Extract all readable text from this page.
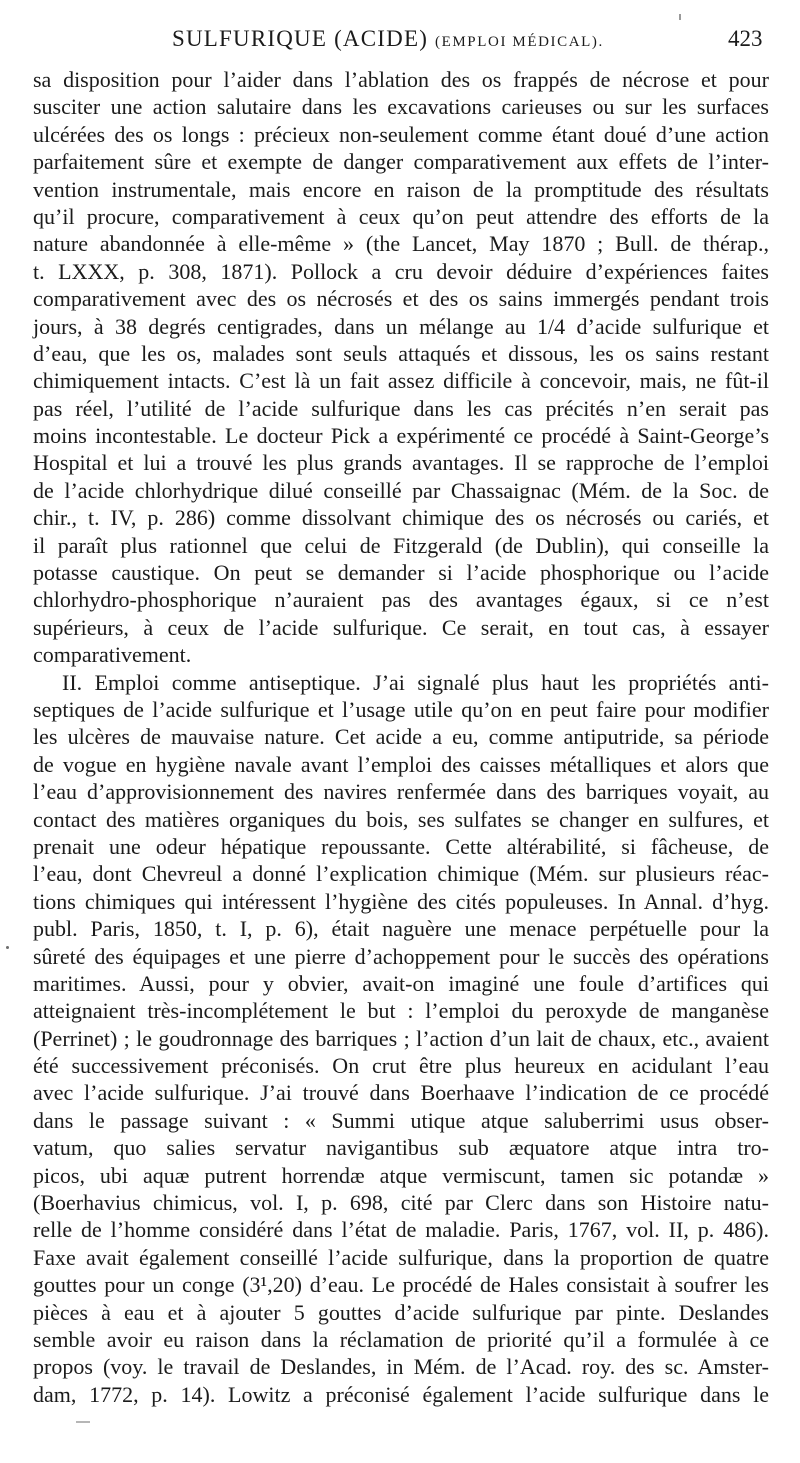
SULFURIQUE (ACIDE) (EMPLOI MÉDICAL).	423
sa disposition pour l’aider dans l’ablation des os frappés de nécrose et pour
susciter une action salutaire dans les excavations carieuses ou sur les surfaces
ulcérées des os longs : précieux non-seulement comme étant doué d’une action
parfaitement sûre et exempte de danger comparativement aux effets de l’inter-
vention instrumentale, mais encore en raison de la promptitude des résultats
qu’il procure, comparativement à ceux qu’on peut attendre des efforts de la
nature abandonnée à elle-même » (the Lancet, May 1870 ; Bull. de thérap.,
t. LXXX, p. 308, 1871). Pollock a cru devoir déduire d’expériences faites
comparativement avec des os nécrosés et des os sains immergés pendant trois
jours, à 38 degrés centigrades, dans un mélange au 1/4 d’acide sulfurique et
d’eau, que les os, malades sont seuls attaqués et dissous, les os sains restant
chimiquement intacts. C’est là un fait assez difficile à concevoir, mais, ne fût-il
pas réel, l’utilité de l’acide sulfurique dans les cas précités n’en serait pas
moins incontestable. Le docteur Pick a expérimenté ce procédé à Saint-George’s
Hospital et lui a trouvé les plus grands avantages. Il se rapproche de l’emploi
de l’acide chlorhydrique dilué conseillé par Chassaignac (Mém. de la Soc. de
chir., t. IV, p. 286) comme dissolvant chimique des os nécrosés ou cariés, et
il paraît plus rationnel que celui de Fitzgerald (de Dublin), qui conseille la
potasse caustique. On peut se demander si l’acide phosphorique ou l’acide
chlorhydro-phosphorique n’auraient pas des avantages égaux, si ce n’est
supérieurs, à ceux de l’acide sulfurique. Ce serait, en tout cas, à essayer
comparativement.
II. Emploi comme antiseptique. J’ai signalé plus haut les propriétés anti-
septiques de l’acide sulfurique et l’usage utile qu’on en peut faire pour modifier
les ulcères de mauvaise nature. Cet acide a eu, comme antiputride, sa période
de vogue en hygiène navale avant l’emploi des caisses métalliques et alors que
l’eau d’approvisionnement des navires renfermée dans des barriques voyait, au
contact des matières organiques du bois, ses sulfates se changer en sulfures, et
prenait une odeur hépatique repoussante. Cette altérabilité, si fâcheuse, de
l’eau, dont Chevreul a donné l’explication chimique (Mém. sur plusieurs réac-
tions chimiques qui intéressent l’hygiène des cités populeuses. In Annal. d’hyg.
publ. Paris, 1850, t. I, p. 6), était naguère une menace perpétuelle pour la
sûreté des équipages et une pierre d’achoppement pour le succès des opérations
maritimes. Aussi, pour y obvier, avait-on imaginé une foule d’artifices qui
atteignaient très-incomplétement le but : l’emploi du peroxyde de manganèse
(Perrinet) ; le goudronnage des barriques ; l’action d’un lait de chaux, etc., avaient
été successivement préconisés. On crut être plus heureux en acidulant l’eau
avec l’acide sulfurique. J’ai trouvé dans Boerhaave l’indication de ce procédé
dans le passage suivant : « Summi utique atque saluberrimi usus obser-
vatum, quo salies servatur navigantibus sub æquatore atque intra tro-
picos, ubi aquæ putrent horrendæ atque vermiscunt, tamen sic potandæ »
(Boerhavius chimicus, vol. I, p. 698, cité par Clerc dans son Histoire natu-
relle de l’homme considéré dans l’état de maladie. Paris, 1767, vol. II, p. 486).
Faxe avait également conseillé l’acide sulfurique, dans la proportion de quatre
gouttes pour un conge (3¹,20) d’eau. Le procédé de Hales consistait à soufrer les
pièces à eau et à ajouter 5 gouttes d’acide sulfurique par pinte. Deslandes
semble avoir eu raison dans la réclamation de priorité qu’il a formulée à ce
propos (voy. le travail de Deslandes, in Mém. de l’Acad. roy. des sc. Amster-
dam, 1772, p. 14). Lowitz a préconisé également l’acide sulfurique dans le
